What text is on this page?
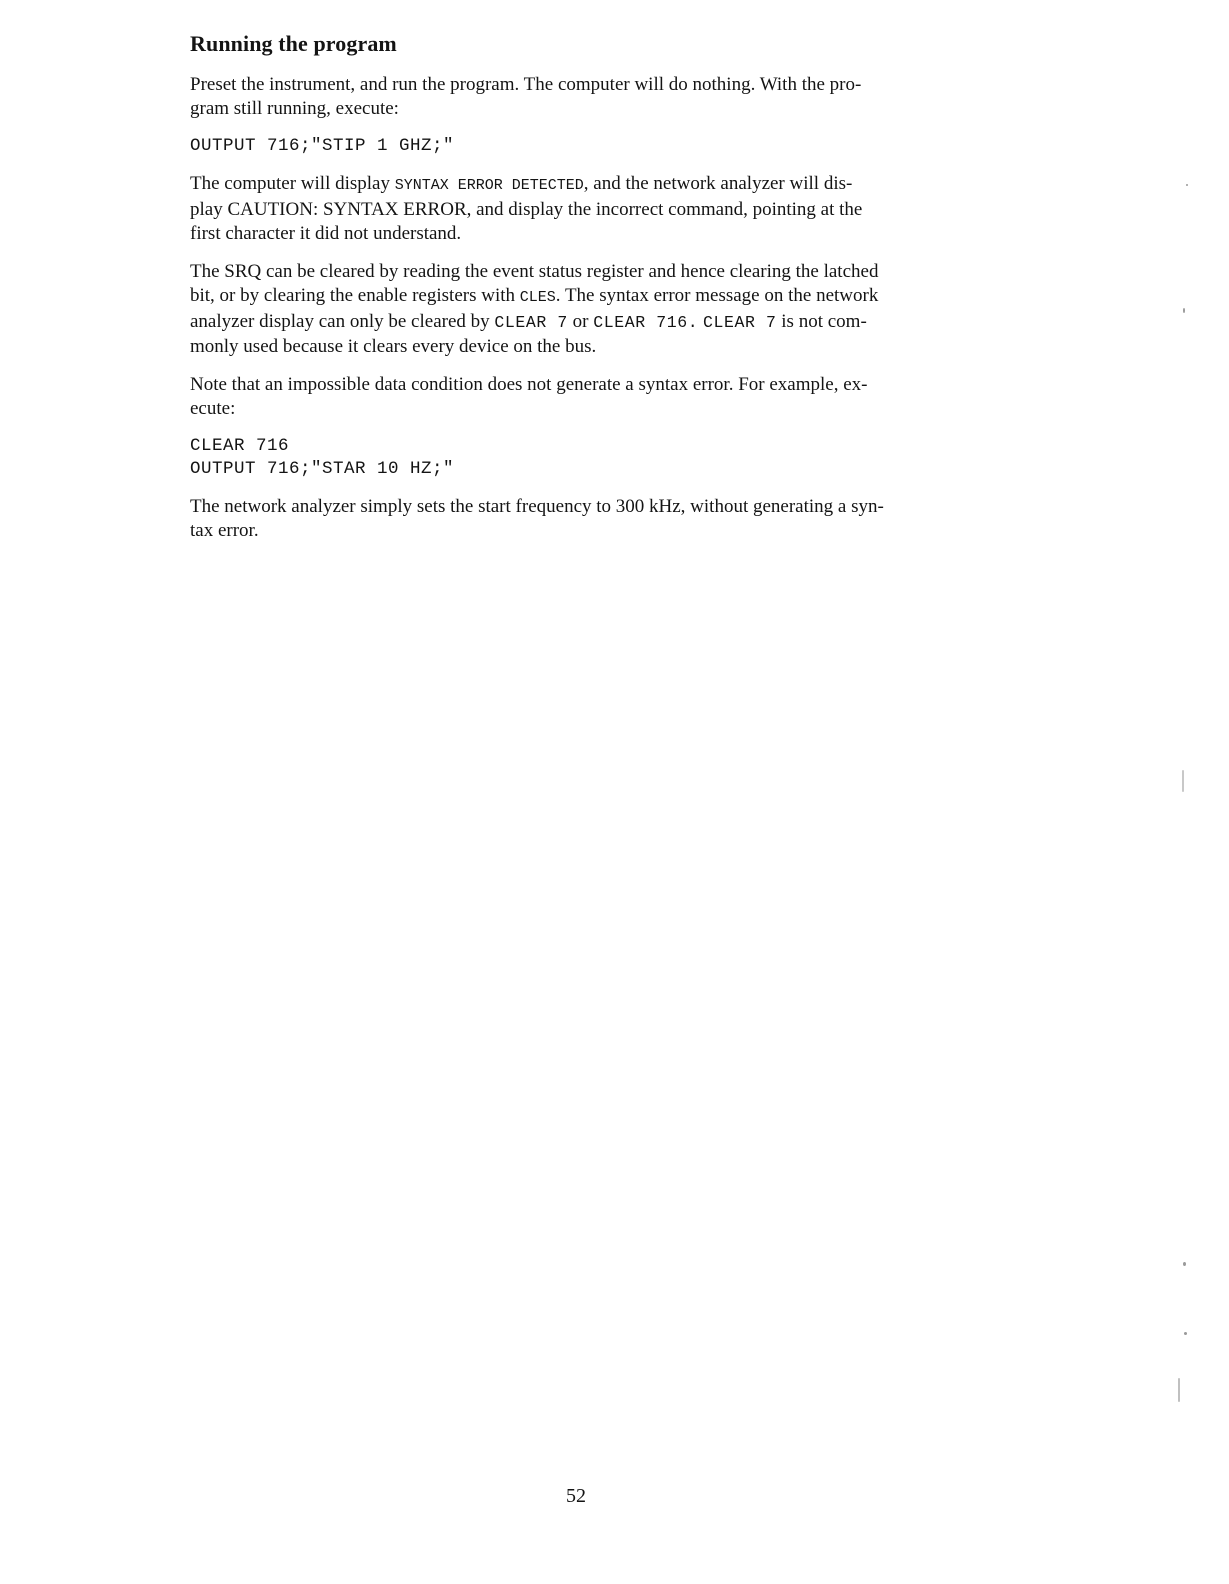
Running the program

Preset the instrument, and run the program. The computer will do nothing. With the pro-
gram still running, execute:

OUTPUT 716;"STIP 1 GHZ;"

The computer will display SYNTAX ERROR DETECTED, and the network analyzer will dis-
play CAUTION: SYNTAX ERROR, and display the incorrect command, pointing at the
first character it did not understand.

The SRQ can be cleared by reading the event status register and hence clearing the latched
bit, or by clearing the enable registers with CLES. The syntax error message on the network
analyzer display can only be cleared by CLEAR 7 or CLEAR 716. CLEAR 7 is not com-
monly used because it clears every device on the bus.

Note that an impossible data condition does not generate a syntax error. For example, ex-
ecute:

CLEAR 716
OUTPUT 716;"STAR 10 HZ;"

The network analyzer simply sets the start frequency to 300 kHz, without generating a syn-
tax error.

52
